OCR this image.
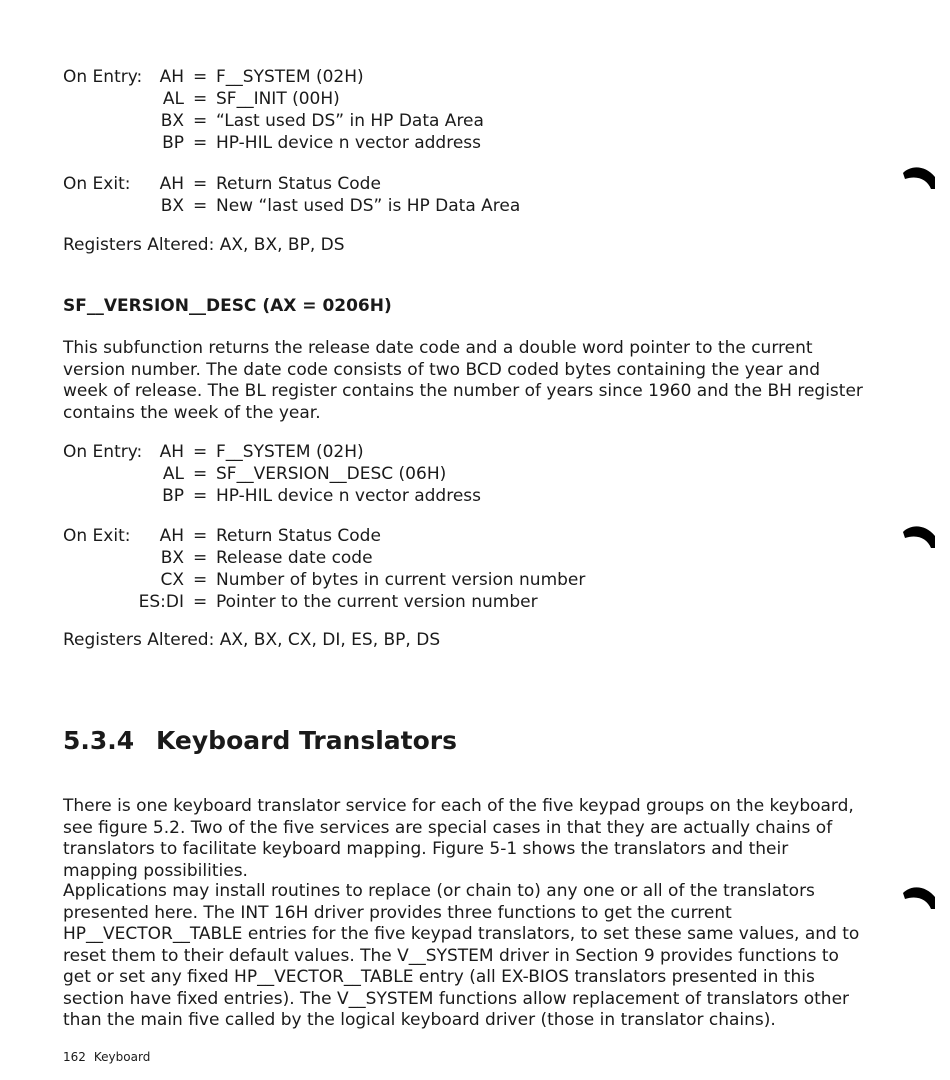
On Entry: AH = F__SYSTEM (02H)
AL = SF__INIT (00H)
BX = “Last used DS” in HP Data Area
BP = HP-HIL device n vector address
On Exit: AH = Return Status Code
BX = New “last used DS” is HP Data Area
Registers Altered: AX, BX, BP, DS
SF__VERSION__DESC (AX = 0206H)
This subfunction returns the release date code and a double word pointer to the current version number. The date code consists of two BCD coded bytes containing the year and week of release. The BL register contains the number of years since 1960 and the BH register contains the week of the year.
On Entry: AH = F__SYSTEM (02H)
AL = SF__VERSION__DESC (06H)
BP = HP-HIL device n vector address
On Exit: AH = Return Status Code
BX = Release date code
CX = Number of bytes in current version number
ES:DI = Pointer to the current version number
Registers Altered: AX, BX, CX, DI, ES, BP, DS
5.3.4 Keyboard Translators
There is one keyboard translator service for each of the five keypad groups on the keyboard, see figure 5.2. Two of the five services are special cases in that they are actually chains of translators to facilitate keyboard mapping. Figure 5-1 shows the translators and their mapping possibilities.
Applications may install routines to replace (or chain to) any one or all of the translators presented here. The INT 16H driver provides three functions to get the current HP__VECTOR__TABLE entries for the five keypad translators, to set these same values, and to reset them to their default values. The V__SYSTEM driver in Section 9 provides functions to get or set any fixed HP__VECTOR__TABLE entry (all EX-BIOS translators presented in this section have fixed entries). The V__SYSTEM functions allow replacement of translators other than the main five called by the logical keyboard driver (those in translator chains).
162 Keyboard
